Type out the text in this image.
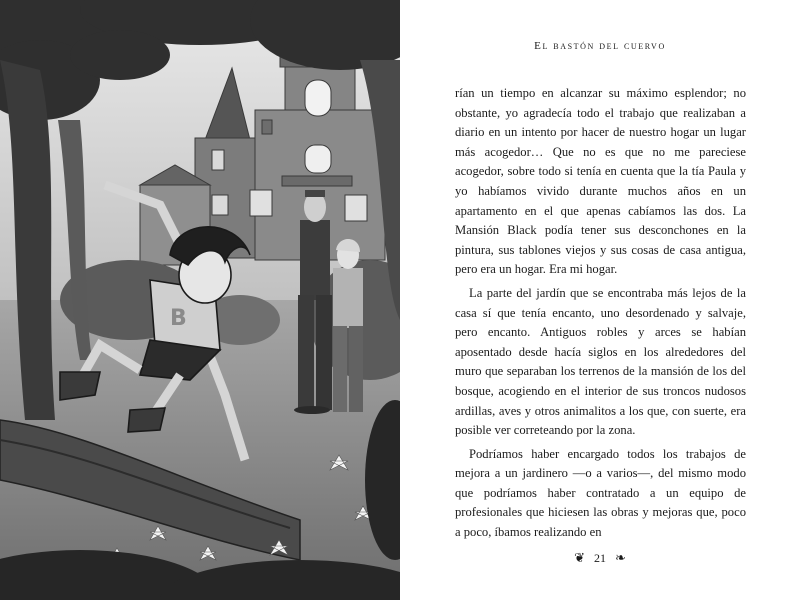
B
El bastón del cuervo

rían un tiempo en alcanzar su máximo esplendor; no obstante, yo agradecía todo el trabajo que realizaban a diario en un intento por hacer de nuestro hogar un lugar más acogedor… Que no es que no me pareciese acogedor, sobre todo si tenía en cuenta que la tía Paula y yo habíamos vivido durante muchos años en un apartamento en el que apenas cabíamos las dos. La Mansión Black podía tener sus desconchones en la pintura, sus tablones viejos y sus cosas de casa antigua, pero era un hogar. Era mi hogar.

La parte del jardín que se encontraba más lejos de la casa sí que tenía encanto, uno desordenado y salvaje, pero encanto. Antiguos robles y arces se habían aposentado desde hacía siglos en los alrededores del muro que separaban los terrenos de la mansión de los del bosque, acogiendo en el interior de sus troncos nudosos ardillas, aves y otros animalitos a los que, con suerte, era posible ver correteando por la zona.

Podríamos haber encargado todos los trabajos de mejora a un jardinero —o a varios—, del mismo modo que podríamos haber contratado a un equipo de profesionales que hiciesen las obras y mejoras que, poco a poco, íbamos realizando en

❦ 21 ❧
